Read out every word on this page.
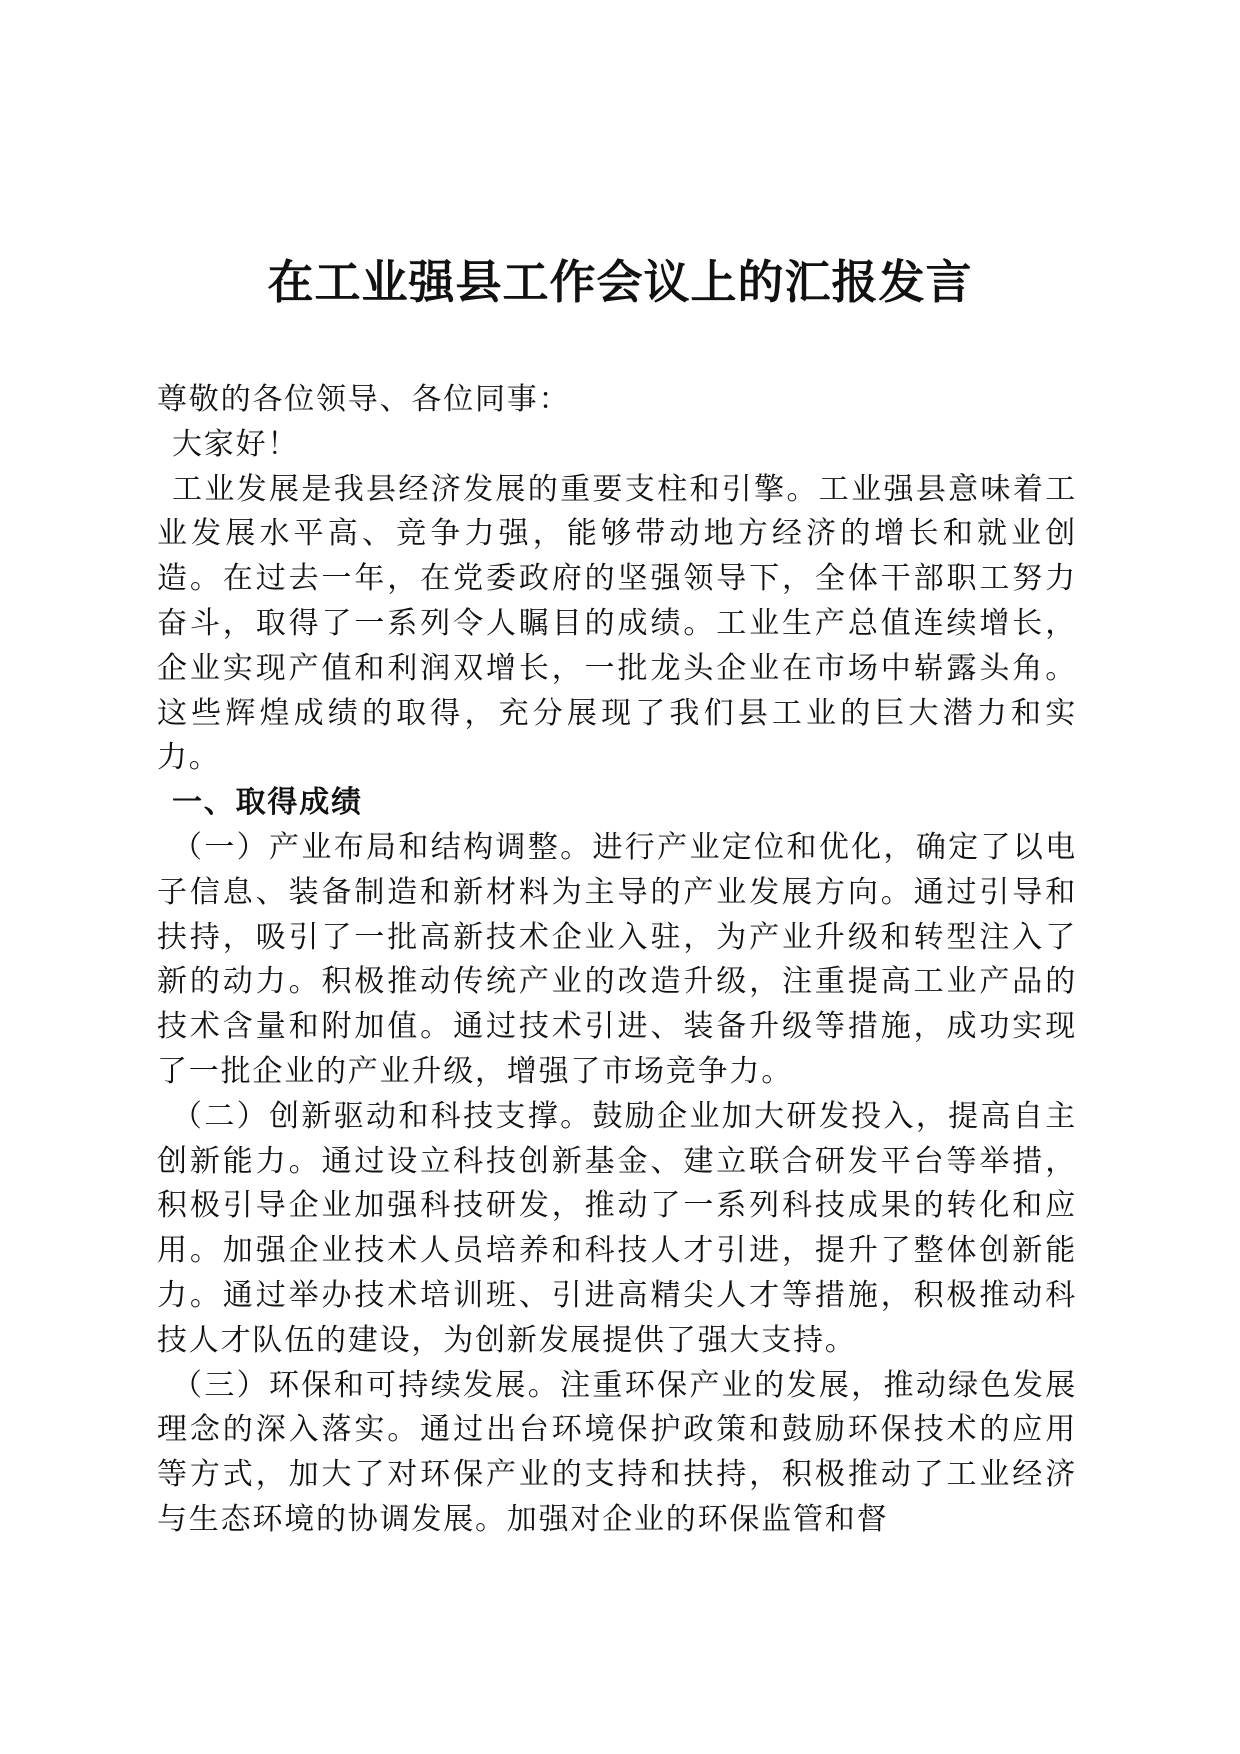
在工业强县工作会议上的汇报发言

尊敬的各位领导、各位同事：

大家好！

工业发展是我县经济发展的重要支柱和引擎。工业强县意味着工业发展水平高、竞争力强，能够带动地方经济的增长和就业创造。在过去一年，在党委政府的坚强领导下，全体干部职工努力奋斗，取得了一系列令人瞩目的成绩。工业生产总值连续增长，企业实现产值和利润双增长，一批龙头企业在市场中崭露头角。这些辉煌成绩的取得，充分展现了我们县工业的巨大潜力和实力。

一、取得成绩

（一）产业布局和结构调整。进行产业定位和优化，确定了以电子信息、装备制造和新材料为主导的产业发展方向。通过引导和扶持，吸引了一批高新技术企业入驻，为产业升级和转型注入了新的动力。积极推动传统产业的改造升级，注重提高工业产品的技术含量和附加值。通过技术引进、装备升级等措施，成功实现了一批企业的产业升级，增强了市场竞争力。

（二）创新驱动和科技支撑。鼓励企业加大研发投入，提高自主创新能力。通过设立科技创新基金、建立联合研发平台等举措，积极引导企业加强科技研发，推动了一系列科技成果的转化和应用。加强企业技术人员培养和科技人才引进，提升了整体创新能力。通过举办技术培训班、引进高精尖人才等措施，积极推动科技人才队伍的建设，为创新发展提供了强大支持。

（三）环保和可持续发展。注重环保产业的发展，推动绿色发展理念的深入落实。通过出台环境保护政策和鼓励环保技术的应用等方式，加大了对环保产业的支持和扶持，积极推动了工业经济与生态环境的协调发展。加强对企业的环保监管和督
